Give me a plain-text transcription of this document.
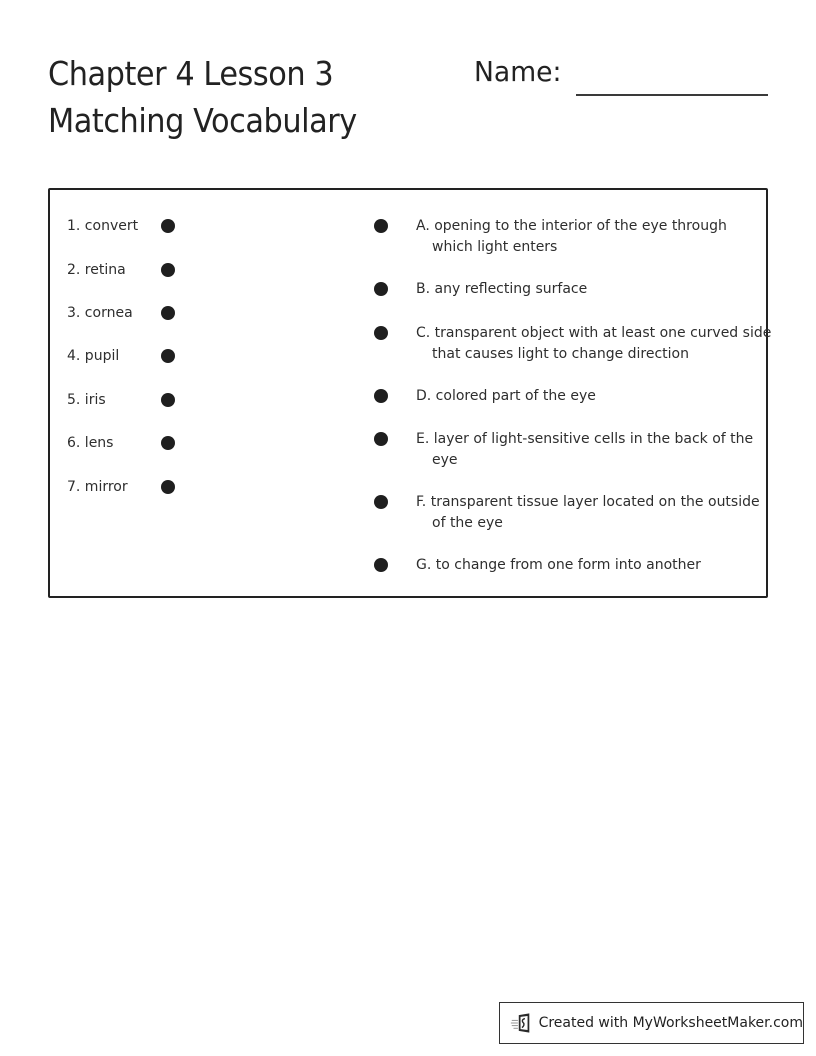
Chapter 4 Lesson 3
Matching Vocabulary
Name:
1. convert
2. retina
3. cornea
4. pupil
5. iris
6. lens
7. mirror
A. opening to the interior of the eye through which light enters
B. any reflecting surface
C. transparent object with at least one curved side that causes light to change direction
D. colored part of the eye
E. layer of light-sensitive cells in the back of the eye
F. transparent tissue layer located on the outside of the eye
G. to change from one form into another
Created with MyWorksheetMaker.com
